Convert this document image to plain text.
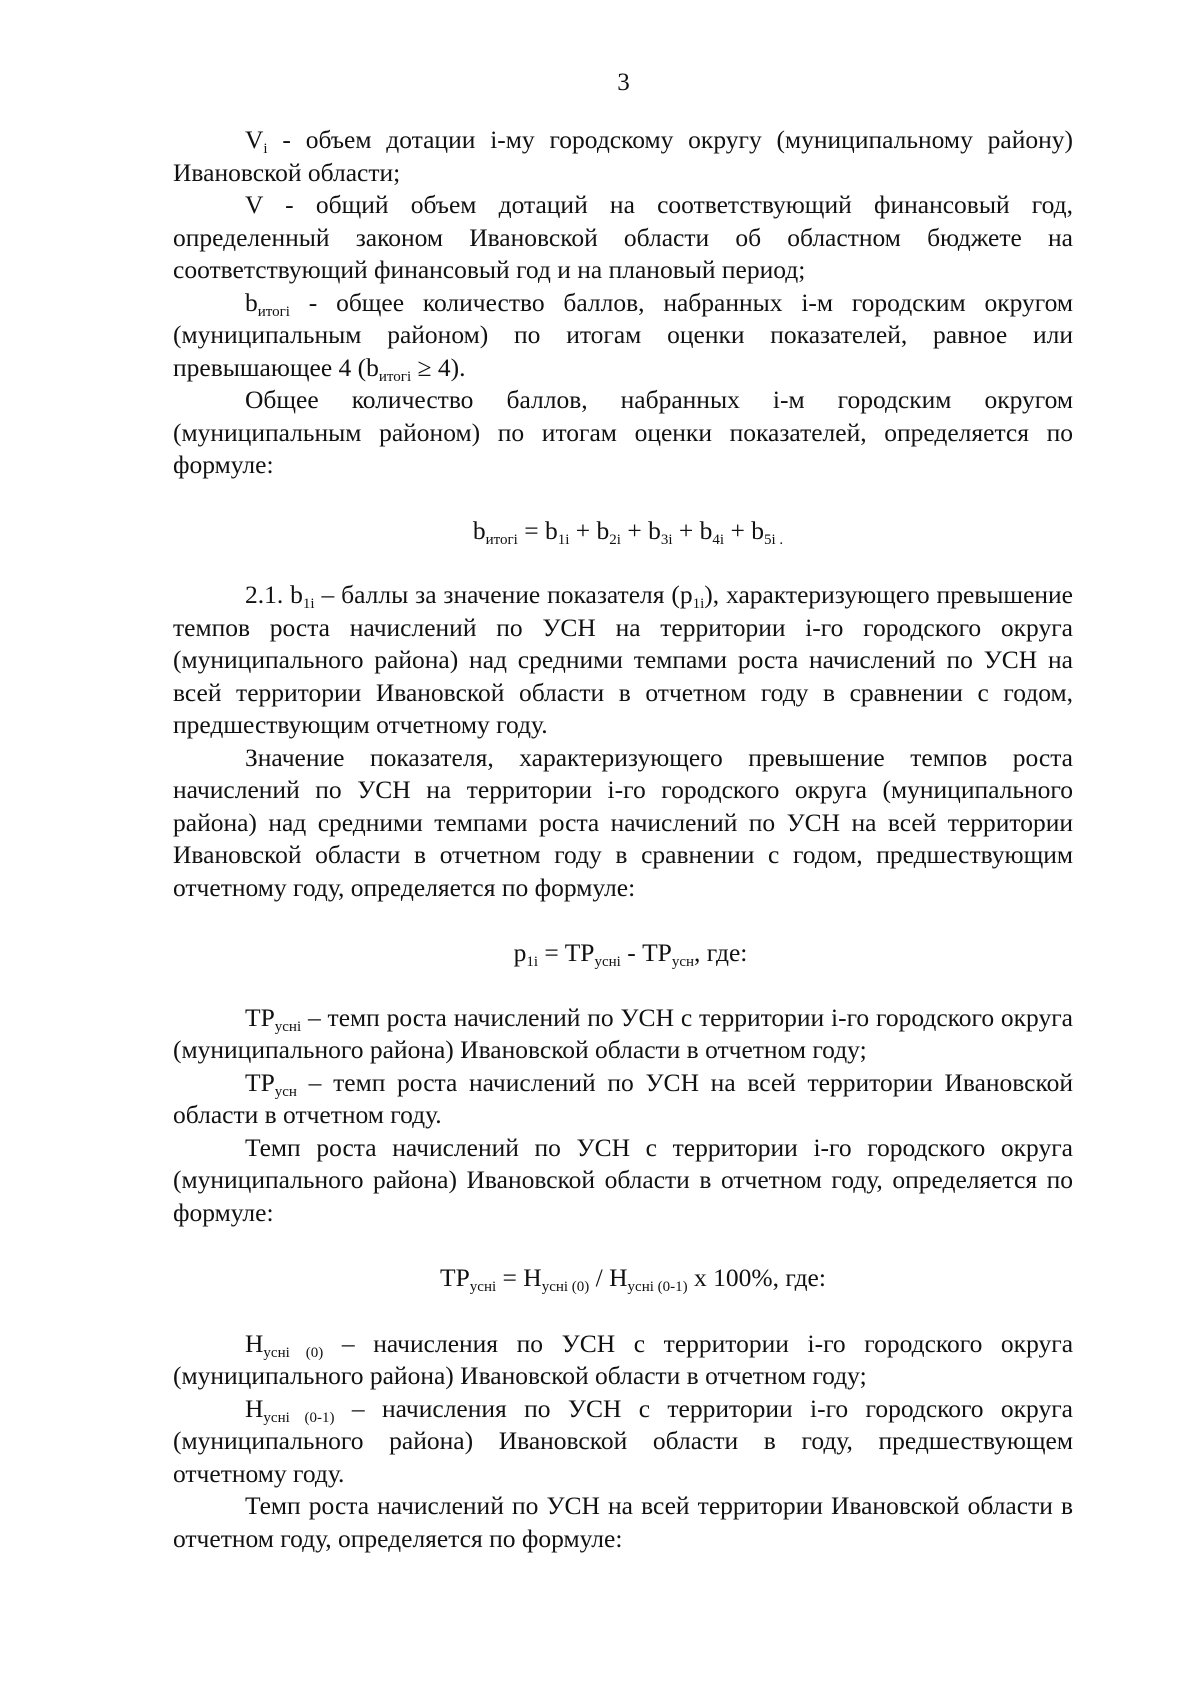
3

$V_i$ - объем дотации i-му городскому округу (муниципальному району) Ивановской области;

V - общий объем дотаций на соответствующий финансовый год, определенный законом Ивановской области об областном бюджете на соответствующий финансовый год и на плановый период;

$b_{итогi}$ - общее количество баллов, набранных i-м городским округом (муниципальным районом) по итогам оценки показателей, равное или превышающее 4 $(b_{итогi} \ge 4)$.

Общее количество баллов, набранных i-м городским округом (муниципальным районом) по итогам оценки показателей, определяется по формуле:

$b_{итогi} = b_{1i} + b_{2i} + b_{3i} + b_{4i} + b_{5i .}$

2.1. $b_{1i}$ – баллы за значение показателя $(p_{1i})$, характеризующего превышение темпов роста начислений по УСН на территории i-го городского округа (муниципального района) над средними темпами роста начислений по УСН на всей территории Ивановской области в отчетном году в сравнении с годом, предшествующим отчетному году.

Значение показателя, характеризующего превышение темпов роста начислений по УСН на территории i-го городского округа (муниципального района) над средними темпами роста начислений по УСН на всей территории Ивановской области в отчетном году в сравнении с годом, предшествующим отчетному году, определяется по формуле:

$p_{1i} = TP_{усні} - TP_{усн}$, где:

$TP_{усні}$ – темп роста начислений по УСН с территории i-го городского округа (муниципального района) Ивановской области в отчетном году;

$TP_{усн}$ – темп роста начислений по УСН на всей территории Ивановской области в отчетном году.

Темп роста начислений по УСН с территории i-го городского округа (муниципального района) Ивановской области в отчетном году, определяется по формуле:

$TP_{усні} = Н_{усні (0)} / Н_{усні (0-1)}$ x 100%, где:

$Н_{усні (0)}$ – начисления по УСН с территории i-го городского округа (муниципального района) Ивановской области в отчетном году;

$Н_{усні (0-1)}$ – начисления по УСН с территории i-го городского округа (муниципального района) Ивановской области в году, предшествующем отчетному году.

Темп роста начислений по УСН на всей территории Ивановской области в отчетном году, определяется по формуле:
